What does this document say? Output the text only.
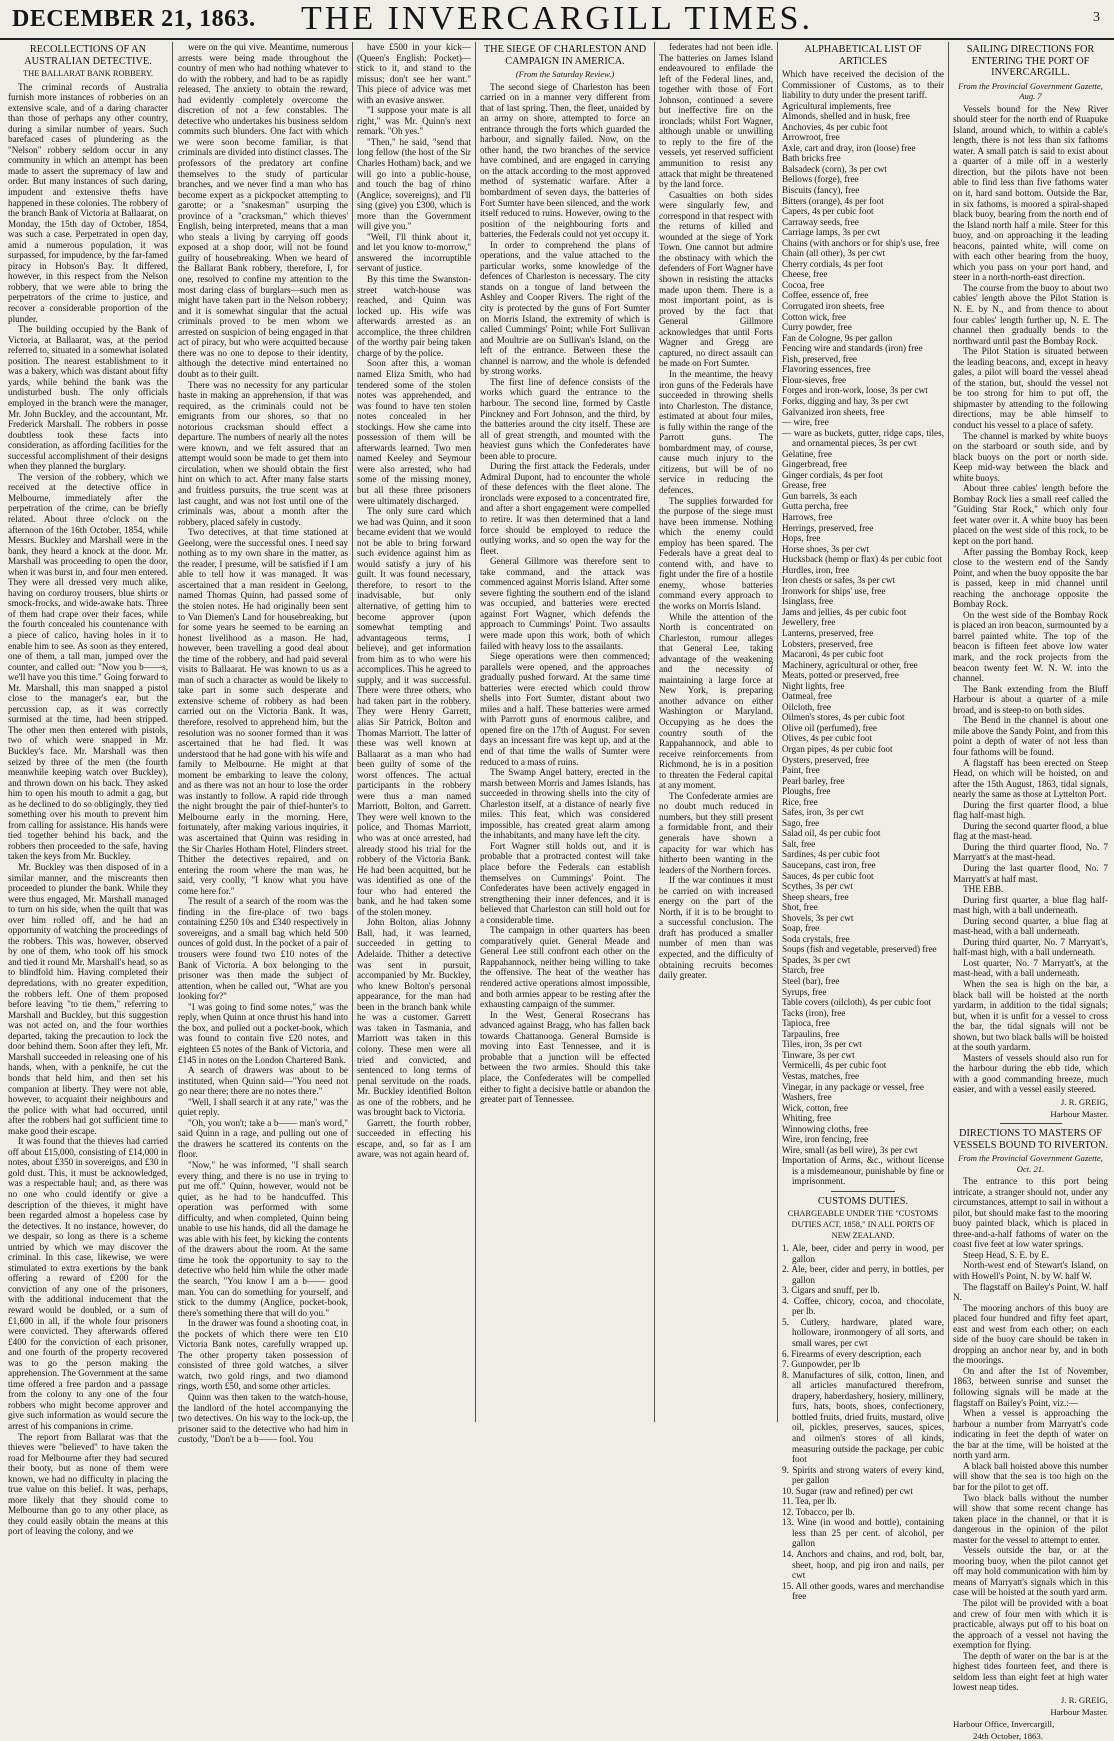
DECEMBER 21, 1863.	THE INVERCARGILL TIMES.	3
RECOLLECTIONS OF AN AUSTRALIAN DETECTIVE.
THE BALLARAT BANK ROBBERY.

The criminal records of Australia furnish more instances of robberies on an extensive scale, and of a daring character than those of perhaps any other country, during a similar number of years. Such barefaced cases of plundering as the "Nelson" robbery seldom occur in any community in which an attempt has been made to assert the supremacy of law and order. But many instances of such daring, impudent and extensive thefts have happened in these colonies. The robbery of the branch Bank of Victoria at Ballaarat, on Monday, the 15th day of October, 1854, was such a case. Perpetrated in open day, amid a numerous population, it was surpassed, for impudence, by the far-famed piracy in Hobson's Bay. It differed, however, in this respect from the Nelson robbery, that we were able to bring the perpetrators of the crime to justice, and recover a considerable proportion of the plunder.

The building occupied by the Bank of Victoria, at Ballaarat, was, at the period referred to, situated in a somewhat isolated position. The nearest establishment to it was a bakery, which was distant about fifty yards, while behind the bank was the undisturbed bush. The only officials employed in the branch were the manager, Mr. John Buckley, and the accountant, Mr. Frederick Marshall. The robbers in posse doubtless took these facts into consideration, as affording facilities for the successful accomplishment of their designs when they planned the burglary.

The version of the robbery, which we received at the detective office in Melbourne, immediately after the perpetration of the crime, can be briefly related. About three o'clock on the afternoon of the 16th October, 1854, while Messrs. Buckley and Marshall were in the bank, they heard a knock at the door. Mr. Marshall was proceeding to open the door, when it was burst in, and four men entered. They were all dressed very much alike, having on corduroy trousers, blue shirts or smock-frocks, and wide-awake hats. Three of them had crape over their faces, while the fourth concealed his countenance with a piece of calico, having holes in it to enable him to see. As soon as they entered, one of them, a tall man, jumped over the counter, and called out: "Now you b——s, we'll have you this time." Going forward to Mr. Marshall, this man snapped a pistol close to the manager's ear, but the percussion cap, as it was correctly surmised at the time, had been stripped. The other men then entered with pistols, two of which were snapped in Mr. Buckley's face. Mr. Marshall was then seized by three of the men (the fourth meanwhile keeping watch over Buckley), and thrown down on his back. They asked him to open his mouth to admit a gag, but as he declined to do so obligingly, they tied something over his mouth to prevent him from calling for assistance. His hands were tied together behind his back, and the robbers then proceeded to the safe, having taken the keys from Mr. Buckley.

Mr. Buckley was then disposed of in a similar manner, and the miscreants then proceeded to plunder the bank. While they were thus engaged, Mr. Marshall managed to turn on his side, when the quilt that was over him rolled off, and he had an opportunity of watching the proceedings of the robbers. This was, however, observed by one of them, who took off his smock and tied it round Mr. Marshall's head, so as to blindfold him. Having completed their depredations, with no greater expedition, the robbers left. One of them proposed before leaving "to tie them," referring to Marshall and Buckley, but this suggestion was not acted on, and the four worthies departed, taking the precaution to lock the door behind them. Soon after they left, Mr. Marshall succeeded in releasing one of his hands, when, with a penknife, he cut the bonds that held him, and then set his companion at liberty. They were not able, however, to acquaint their neighbours and the police with what had occurred, until after the robbers had got sufficient time to make good their escape.

It was found that the thieves had carried off about £15,000, consisting of £14,000 in notes, about £350 in sovereigns, and £30 in gold dust. This, it must be acknowledged, was a respectable haul; and, as there was no one who could identify or give a description of the thieves, it might have been regarded almost a hopeless case by the detectives. It no instance, however, do we despair, so long as there is a scheme untried by which we may discover the criminal. In this case, likewise, we were stimulated to extra exertions by the bank offering a reward of £200 for the conviction of any one of the prisoners, with the additional inducement that the reward would be doubled, or a sum of £1,600 in all, if the whole four prisoners were convicted. They afterwards offered £400 for the conviction of each prisoner, and one fourth of the property recovered was to go the person making the apprehension. The Government at the same time offered a free pardon and a passage from the colony to any one of the four robbers who might become approver and give such information as would secure the arrest of his companions in crime.

The report from Ballarat was that the thieves were "believed" to have taken the road for Melbourne after they had secured their booty, but as none of them were known, we had no difficulty in placing the true value on this belief. It was, perhaps, more likely that they should come to Melbourne than go to any other place, as they could easily obtain the means at this port of leaving the colony, and we

were on the qui vive. Meantime, numerous arrests were being made throughout the country of men who had nothing whatever to do with the robbery, and had to be as rapidly released. The anxiety to obtain the reward, had evidently completely overcome the discretion of not a few constables. The detective who undertakes his business seldom commits such blunders. One fact with which we were soon become familiar, is that criminals are divided into distinct classes. The professors of the predatory art confine themselves to the study of particular branches, and we never find a man who has become expert as a pickpocket attempting to garotte; or a "snakesman" usurping the province of a "cracksman," which thieves' English, being interpreted, means that a man who steals a living by carrying off goods exposed at a shop door, will not be found guilty of housebreaking. When we heard of the Ballarat Bank robbery, therefore, I, for one, resolved to confine my attention to the most daring class of burglars—such men as might have taken part in the Nelson robbery; and it is somewhat singular that the actual criminals proved to be men whom we arrested on suspicion of being engaged in that act of piracy, but who were acquitted because there was no one to depose to their identity, although the detective mind entertained no doubt as to their guilt.

There was no necessity for any particular haste in making an apprehension, if that was required, as the criminals could not be emigrants from our shores, so that no notorious cracksman should effect a departure. The numbers of nearly all the notes were known, and we felt assured that an attempt would soon be made to get them into circulation, when we should obtain the first hint on which to act. After many false starts and fruitless pursuits, the true scent was at last caught, and was not lost until one of the criminals was, about a month after the robbery, placed safely in custody.

Two detectives, at that time stationed at Geelong, were the successful ones. I need say nothing as to my own share in the matter, as the reader, I presume, will be satisfied if I am able to tell how it was managed. It was ascertained that a man resident in Geelong, named Thomas Quinn, had passed some of the stolen notes. He had originally been sent to Van Diemen's Land for housebreaking, but for some years he seemed to be earning an honest livelihood as a mason. He had, however, been travelling a good deal about the time of the robbery, and had paid several visits to Ballaarat. He was known to us as a man of such a character as would be likely to take part in some such desperate and extensive scheme of robbery as had been carried out on the Victoria Bank. It was, therefore, resolved to apprehend him, but the resolution was no sooner formed than it was ascertained that he had fled. It was understood that he had gone with his wife and family to Melbourne. He might at that moment be embarking to leave the colony, and as there was not an hour to lose the order was instantly to follow. A rapid ride through the night brought the pair of thief-hunter's to Melbourne early in the morning. Here, fortunately, after making various inquiries, it was ascertained that Quinn was residing in the Sir Charles Hotham Hotel, Flinders street. Thither the detectives repaired, and on entering the room where the man was, he said, very coolly, "I know what you have come here for."

The result of a search of the room was the finding in the fire-place of two bags containing £250 10s and £340 respectively in sovereigns, and a small bag which held 500 ounces of gold dust. In the pocket of a pair of trousers were found two £10 notes of the Bank of Victoria. A box belonging to the prisoner was then made the subject of attention, when he called out, "What are you looking for?"

"I was going to find some notes," was the reply, when Quinn at once thrust his hand into the box, and pulled out a pocket-book, which was found to contain five £20 notes, and eighteen £5 notes of the Bank of Victoria, and £145 in notes on the London Chartered Bank.

A search of drawers was about to be instituted, when Quinn said—"You need not go near there; there are no notes there."

"Well, I shall search it at any rate," was the quiet reply.

"Oh, you won't; take a b—— man's word," said Quinn in a rage, and pulling out one of the drawers he scattered its contents on the floor.

"Now," he was informed, "I shall search every thing, and there is no use in trying to put me off." Quinn, however, would not be quiet, as he had to be handcuffed. This operation was performed with some difficulty, and when completed, Quinn being unable to use his hands, did all the damage he was able with his feet, by kicking the contents of the drawers about the room. At the same time he took the opportunity to say to the detective who held him while the other made the search, "You know I am a b—— good man. You can do something for yourself, and stick to the dummy (Anglice, pocket-book, there's something there that will do you."

In the drawer was found a shooting coat, in the pockets of which there were ten £10 Victoria Bank notes, carefully wrapped up. The other property taken possession of consisted of three gold watches, a silver watch, two gold rings, and two diamond rings, worth £50, and some other articles.

Quinn was then taken to the watch-house, the landlord of the hotel accompanying the two detectives. On his way to the lock-up, the prisoner said to the detective who had him in custody, "Don't be a b—— fool. You

have £500 in your kick—(Queen's English: Pocket)—stick to it, and stand to the missus; don't see her want." This piece of advice was met with an evasive answer.

"I suppose your mate is all right," was Mr. Quinn's next remark. "Oh yes."

"Then," he said, "send that long fellow (the host of the Sir Charles Hotham) back, and we will go into a public-house, and touch the bag of rhino (Anglice, sovereigns), and I'll sing (give) you £300, which is more than the Government will give you."

"Well, I'll think about it, and let you know to-morrow," answered the incorruptible servant of justice.

By this time the Swanston-street watch-house was reached, and Quinn was locked up. His wife was afterwards arrested as an accomplice, the three children of the worthy pair being taken charge of by the police.

Soon after this, a woman named Eliza Smith, who had tendered some of the stolen notes was apprehended, and was found to have ten stolen notes concealed in her stockings. How she came into possession of them will be afterwards learned. Two men named Keeley and Seymour were also arrested, who had some of the missing money, but all these three prisoners were ultimately discharged.

The only sure card which we had was Quinn, and it soon became evident that we would not be able to bring forward such evidence against him as would satisfy a jury of his guilt. It was found necessary, therefore, to resort to the inadvisable, but only alternative, of getting him to become approver (upon somewhat tempting and advantageous terms, I believe), and get information from him as to who were his accomplices. This he agreed to supply, and it was successful. There were three others, who had taken part in the robbery. They were Henry Garrett, alias Sir Patrick, Bolton and Thomas Marriott. The latter of these was well known at Ballaarat as a man who had been guilty of some of the worst offences. The actual participants in the robbery were thus a man named Marriott, Bolton, and Garrett. They were well known to the police, and Thomas Marriott, who was at once arrested, had already stood his trial for the robbery of the Victoria Bank. He had been acquitted, but he was identified as one of the four who had entered the bank, and he had taken some of the stolen money.

John Bolton, alias Johnny Ball, had, it was learned, succeeded in getting to Adelaide. Thither a detective was sent in pursuit, accompanied by Mr. Buckley, who knew Bolton's personal appearance, for the man had been in the branch bank while he was a customer. Garrett was taken in Tasmania, and Marriott was taken in this colony. These men were all tried and convicted, and sentenced to long terms of penal servitude on the roads. Mr. Buckley identified Bolton as one of the robbers, and he was brought back to Victoria.

Garrett, the fourth robber, succeeded in effecting his escape, and, so far as I am aware, was not again heard of.

THE SIEGE OF CHARLESTON AND CAMPAIGN IN AMERICA.
(From the Saturday Review.)

The second siege of Charleston has been carried on in a manner very different from that of last spring. Then, the fleet, unaided by an army on shore, attempted to force an entrance through the forts which guarded the harbour, and signally failed. Now, on the other hand, the two branches of the service have combined, and are engaged in carrying on the attack according to the most approved method of systematic warfare. After a bombardment of seven days, the batteries of Fort Sumter have been silenced, and the work itself reduced to ruins. However, owing to the position of the neighbouring forts and batteries, the Federals could not yet occupy it.

In order to comprehend the plans of operations, and the value attached to the particular works, some knowledge of the defences of Charleston is necessary. The city stands on a tongue of land between the Ashley and Cooper Rivers. The right of the city is protected by the guns of Fort Sumter on Morris Island, the extremity of which is called Cummings' Point; while Fort Sullivan and Moultrie are on Sullivan's Island, on the left of the entrance. Between these the channel is narrow, and the whole is defended by strong works.

The first line of defence consists of the works which guard the entrance to the harbour. The second line, formed by Castle Pinckney and Fort Johnson, and the third, by the batteries around the city itself. These are all of great strength, and mounted with the heaviest guns which the Confederates have been able to procure.

During the first attack the Federals, under Admiral Dupont, had to encounter the whole of these defences with the fleet alone. The ironclads were exposed to a concentrated fire, and after a short engagement were compelled to retire. It was then determined that a land force should be employed to reduce the outlying works, and so open the way for the fleet.

General Gillmore was therefore sent to take command, and the attack was commenced against Morris Island. After some severe fighting the southern end of the island was occupied, and batteries were erected against Fort Wagner, which defends the approach to Cummings' Point. Two assaults were made upon this work, both of which failed with heavy loss to the assailants.

Siege operations were then commenced; parallels were opened, and the approaches gradually pushed forward. At the same time batteries were erected which could throw shells into Fort Sumter, distant about two miles and a half. These batteries were armed with Parrott guns of enormous calibre, and opened fire on the 17th of August. For seven days an incessant fire was kept up, and at the end of that time the walls of Sumter were reduced to a mass of ruins.

The Swamp Angel battery, erected in the marsh between Morris and James Islands, has succeeded in throwing shells into the city of Charleston itself, at a distance of nearly five miles. This feat, which was considered impossible, has created great alarm among the inhabitants, and many have left the city.

Fort Wagner still holds out, and it is probable that a protracted contest will take place before the Federals can establish themselves on Cummings' Point. The Confederates have been actively engaged in strengthening their inner defences, and it is believed that Charleston can still hold out for a considerable time.

The campaign in other quarters has been comparatively quiet. General Meade and General Lee still confront each other on the Rappahannock, neither being willing to take the offensive. The heat of the weather has rendered active operations almost impossible, and both armies appear to be resting after the exhausting campaign of the summer.

In the West, General Rosecrans has advanced against Bragg, who has fallen back towards Chattanooga. General Burnside is moving into East Tennessee, and it is probable that a junction will be effected between the two armies. Should this take place, the Confederates will be compelled either to fight a decisive battle or abandon the greater part of Tennessee.

federates had not been idle. The batteries on James Island endeavoured to enfilade the left of the Federal lines, and, together with those of Fort Johnson, continued a severe but ineffective fire on the ironclads; whilst Fort Wagner, although unable or unwilling to reply to the fire of the vessels, yet reserved sufficient ammunition to resist any attack that might be threatened by the land force.

Casualties on both sides were singularly few, and correspond in that respect with the returns of killed and wounded at the siege of York Town. One cannot but admire the obstinacy with which the defenders of Fort Wagner have shown in resisting the attacks made upon them. There is a most important point, as is proved by the fact that General Gillmore acknowledges that until Forts Wagner and Gregg are captured, no direct assault can be made on Fort Sumter.

In the meantime, the heavy iron guns of the Federals have succeeded in throwing shells into Charleston. The distance, estimated at about four miles, is fully within the range of the Parrott guns. The bombardment may, of course, cause much injury to the citizens, but will be of no service in reducing the defences.

The supplies forwarded for the purpose of the siege must have been immense. Nothing which the enemy could employ has been spared. The Federals have a great deal to contend with, and have to fight under the fire of a hostile enemy, whose batteries command every approach to the works on Morris Island.

While the attention of the North is concentrated on Charleston, rumour alleges that General Lee, taking advantage of the weakening and the necessity of maintaining a large force at New York, is preparing another advance on either Washington or Maryland. Occupying as he does the country south of the Rappahannock, and able to receive reinforcements from Richmond, he is in a position to threaten the Federal capital at any moment.

The Confederate armies are no doubt much reduced in numbers, but they still present a formidable front, and their generals have shown a capacity for war which has hitherto been wanting in the leaders of the Northern forces.

If the war continues it must be carried on with increased energy on the part of the North, if it is to be brought to a successful conclusion. The draft has produced a smaller number of men than was expected, and the difficulty of obtaining recruits becomes daily greater.

ALPHABETICAL LIST OF ARTICLES

Which have received the decision of the Commissioner of Customs, as to their liability to duty under the present tariff.

Agricultural implements, free
Almonds, shelled and in husk, free
Anchovies, 4s per cubic foot
Arrowroot, free
Axle, cart and dray, iron (loose) free
Bath bricks free
Balsadeck (corn), 3s per cwt
Bellows (forge), free
Biscuits (fancy), free
Bitters (orange), 4s per foot
Capers, 4s per cubic foot
Carraway seeds, free
Carriage lamps, 3s per cwt
Chains (with anchors or for ship's use, free
Chain (all other), 3s per cwt
Cherry cordials, 4s per foot
Cheese, free
Cocoa, free
Coffee, essence of, free
Corrugated iron sheets, free
Cotton wick, free
Curry powder, free
Fan de Cologne, 9s per gallon
Fencing wire and standards (iron) free
Fish, preserved, free
Flavoring essences, free
Flour-sieves, free
Forges and iron-work, loose, 3s per cwt
Forks, digging and hay, 3s per cwt
Galvanized iron sheets, free
— wire, free
— ware as buckets, gutter, ridge caps, tiles, and ornamental pieces, 3s per cwt
Gelatine, free
Gingerbread, free
Ginger cordials, 4s per foot
Grease, free
Gun barrels, 3s each
Gutta percha, free
Harrows, free
Herrings, preserved, free
Hops, free
Horse shoes, 3s per cwt
Hucksback (hemp or flax) 4s per cubic foot
Hurdles, iron, free
Iron chests or safes, 3s per cwt
Ironwork for ships' use, free
Isinglass, free
Jams and jellies, 4s per cubic foot
Jewellery, free
Lanterns, preserved, free
Lobsters, preserved, free
Macaroni, 4s per cubic foot
Machinery, agricultural or other, free
Meats, potted or preserved, free
Night lights, free
Oatmeal, free
Oilcloth, free
Oilmen's stores, 4s per cubic foot
Olive oil (perfumed), free
Olives, 4s per cubic foot
Organ pipes, 4s per cubic foot
Oysters, preserved, free
Paint, free
Pearl barley, free
Ploughs, free
Rice, free
Safes, iron, 3s per cwt
Sago, free
Salad oil, 4s per cubic foot
Salt, free
Sardines, 4s per cubic foot
Saucepans, cast iron, free
Sauces, 4s per cubic foot
Scythes, 3s per cwt
Sheep shears, free
Shot, free
Shovels, 3s per cwt
Soap, free
Soda crystals, free
Soups (fish and vegetable, preserved) free
Spades, 3s per cwt
Starch, free
Steel (bar), free
Syrups, free
Table covers (oilcloth), 4s per cubic foot
Tacks (iron), free
Tapioca, free
Tarpaulins, free
Tiles, iron, 3s per cwt
Tinware, 3s per cwt
Vermicelli, 4s per cubic foot
Vestas, matches, free
Vinegar, in any package or vessel, free
Washers, free
Wick, cotton, free
Whiting, free
Winnowing cloths, free
Wire, iron fencing, free
Wire, small (as bell wire), 3s per cwt
Importation of Arms, &c., without license is a misdemeanour, punishable by fine or imprisonment.
CUSTOMS DUTIES.
CHARGEABLE UNDER THE "CUSTOMS DUTIES ACT, 1858," IN ALL PORTS OF NEW ZEALAND.
1. Ale, beer, cider and perry in wood, per gallon
2. Ale, beer, cider and perry, in bottles, per gallon
3. Cigars and snuff, per lb.
4. Coffee, chicory, cocoa, and chocolate, per lb.
5. Cutlery, hardware, plated ware, holloware, ironmongery of all sorts, and small wares, per cwt
6. Firearms of every description, each
7. Gunpowder, per lb
8. Manufactures of silk, cotton, linen, and all articles manufactured therefrom, drapery, haberdashery, hosiery, millinery, furs, hats, boots, shoes, confectionery, bottled fruits, dried fruits, mustard, olive oil, pickles, preserves, sauces, spices, and oilmen's stores of all kinds, measuring outside the package, per cubic foot
9. Spirits and strong waters of every kind, per gallon
10. Sugar (raw and refined) per cwt
11. Tea, per lb.
12. Tobacco, per lb.
13. Wine (in wood and bottle), containing less than 25 per cent. of alcohol, per gallon
14. Anchors and chains, and rod, bolt, bar, sheet, hoop, and pig iron and nails, per cwt
15. All other goods, wares and merchandise free
SAILING DIRECTIONS FOR ENTERING THE PORT OF INVERCARGILL.
From the Provincial Government Gazette, Aug. 7

Vessels bound for the New River should steer for the north end of Ruapuke Island, around which, to within a cable's length, there is not less than six fathoms water. A small patch is said to exist about a quarter of a mile off in a westerly direction, but the pilots have not been able to find less than five fathoms water on it, hard sand bottom. Outside the Bar, in six fathoms, is moored a spiral-shaped black buoy, bearing from the north end of the Island north half a mile. Steer for this buoy, and on approaching it the leading beacons, painted white, will come on with each other bearing from the buoy, which you pass on your port hand, and steer in a north-north-east direction.

The course from the buoy to about two cables' length above the Pilot Station is N. E. by N., and from thence to about four cables' length further up, N. E. The channel then gradually bends to the northward until past the Bombay Rock.

The Pilot Station is situated between the leading beacons, and, except in heavy gales, a pilot will board the vessel ahead of the station, but, should the vessel not be too strong for him to put off, the shipmaster by attending to the following directions, may be able himself to conduct his vessel to a place of safety.

The channel is marked by white buoys on the starboard or south side, and by black buoys on the port or north side. Keep mid-way between the black and white buoys.

About three cables' length before the Bombay Rock lies a small reef called the "Guiding Star Rock," which only four feet water over it. A white buoy has been placed on the west side of this rock, to be kept on the port hand.

After passing the Bombay Rock, keep close to the western end of the Sandy Point, and when the buoy opposite the bar is passed, keep in mid channel until reaching the anchorage opposite the Bombay Rock.

On the west side of the Bombay Rock is placed an iron beacon, surmounted by a barrel painted white. The top of the beacon is fifteen feet above low water mark, and the rock projects from the beacon twenty feet W. N. W. into the channel.

The Bank extending from the Bluff Harbour is about a quarter of a mile broad, and is steep-to on both sides.

The Bend in the channel is about one mile above the Sandy Point, and from this point a depth of water of not less than four fathoms will be found.

A flagstaff has been erected on Steep Head, on which will be hoisted, on and after the 15th August, 1863, tidal signals, nearly the same as those at Lyttelton Port.

During the first quarter flood, a blue flag half-mast high.

During the second quarter flood, a blue flag at the mast-head.

During the third quarter flood, No. 7 Marryatt's at the mast-head.

During the last quarter flood, No. 7 Marryatt's at half mast.

THE EBB.

During first quarter, a blue flag half-mast high, with a ball underneath.

During second quarter, a blue flag at mast-head, with a ball underneath.

During third quarter, No. 7 Marryatt's, half-mast high, with a ball underneath.

Lost quarter, No. 7 Marryatt's, at the mast-head, with a ball underneath.

When the sea is high on the bar, a black ball will be hoisted at the north yardarm, in addition to the tidal signals; but, when it is unfit for a vessel to cross the bar, the tidal signals will not be shown, but two black balls will be hoisted at the south yardarm.

Masters of vessels should also run for the harbour during the ebb tide, which with a good commanding breeze, much easier, and with a vessel easily steered.

J. R. GREIG,
Harbour Master.
DIRECTIONS TO MASTERS OF VESSELS BOUND TO RIVERTON.
From the Provincial Government Gazette, Oct. 21.

The entrance to this port being intricate, a stranger should not, under any circumstances, attempt to sail in without a pilot, but should make fast to the mooring buoy painted black, which is placed in three-and-a-half fathoms of water on the coast five feet at low water springs.

Steep Head, S. E. by E.

North-west end of Stewart's Island, on with Howell's Point, N. by W. half W.

The flagstaff on Bailey's Point, W. half N.

The mooring anchors of this buoy are placed four hundred and fifty feet apart, east and west from each other; on each side of the buoy care should be taken in dropping an anchor near by, and in both the moorings.

On and after the 1st of November, 1863, between sunrise and sunset the following signals will be made at the flagstaff on Bailey's Point, viz.:—

When a vessel is approaching the harbour a number from Marryatt's code indicating in feet the depth of water on the bar at the time, will be hoisted at the north yard arm.

A black ball hoisted above this number will show that the sea is too high on the bar for the pilot to get off.

Two black balls without the number will show that some recent change has taken place in the channel, or that it is dangerous in the opinion of the pilot master for the vessel to attempt to enter.

Vessels outside the bar, or at the mooring buoy, when the pilot cannot get off may hold communication with him by means of Marryatt's signals which in this case will be hoisted at the south yard arm.

The pilot will be provided with a boat and crew of four men with which it is practicable, always put off to his boat on the approach of a vessel not having the exemption for flying.

The depth of water on the bar is at the highest tides fourteen feet, and there is seldom less than eight feet at high water lowest neap tides.

J. R. GREIG,
Harbour Master.
Harbour Office, Invercargill,
24th October, 1863.
